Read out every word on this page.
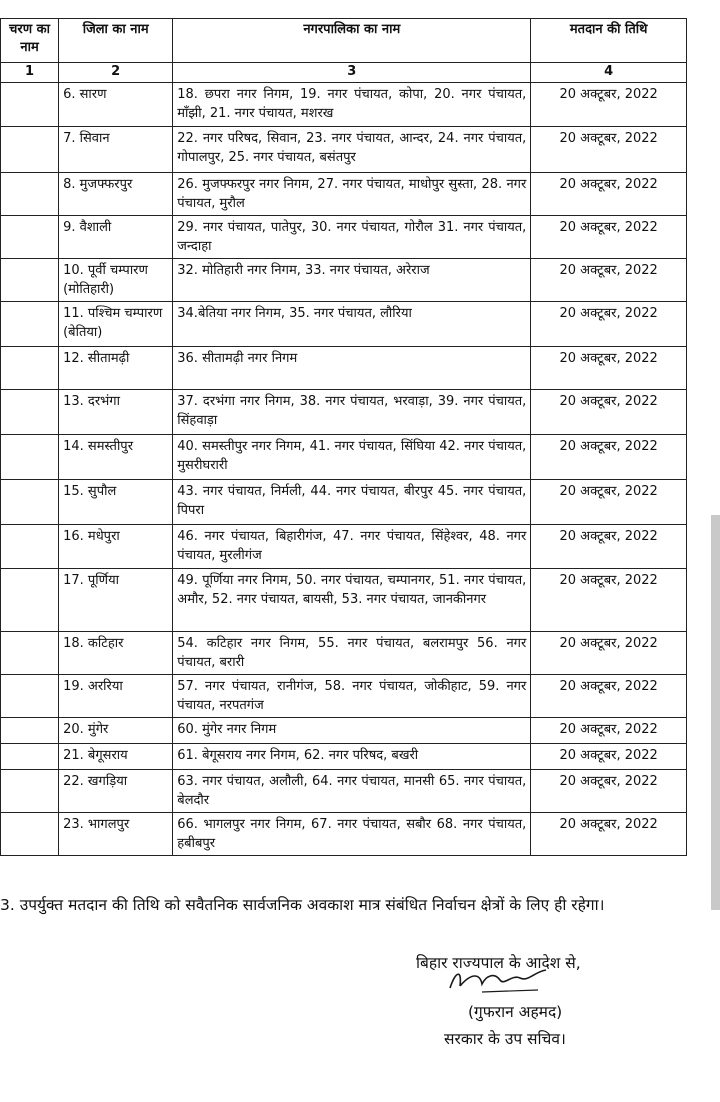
चरण का नाम	जिला का नाम	नगरपालिका का नाम	मतदान की तिथि
1	2	3	4
	6. सारण	18. छपरा नगर निगम, 19. नगर पंचायत, कोपा, 20. नगर पंचायत, माँझी, 21. नगर पंचायत, मशरख	20 अक्टूबर, 2022
	7. सिवान	22. नगर परिषद, सिवान, 23. नगर पंचायत, आन्दर, 24. नगर पंचायत, गोपालपुर, 25. नगर पंचायत, बसंतपुर	20 अक्टूबर, 2022
	8. मुजफ्फरपुर	26. मुजफ्फरपुर नगर निगम, 27. नगर पंचायत, माधोपुर सुस्ता, 28. नगर पंचायत, मुरौल	20 अक्टूबर, 2022
	9. वैशाली	29. नगर पंचायत, पातेपुर, 30. नगर पंचायत, गोरौल 31. नगर पंचायत, जन्दाहा	20 अक्टूबर, 2022
	10. पूर्वी चम्पारण (मोतिहारी)	32. मोतिहारी नगर निगम, 33. नगर पंचायत, अरेराज	20 अक्टूबर, 2022
	11. पश्चिम चम्पारण (बेतिया)	34.बेतिया नगर निगम, 35. नगर पंचायत, लौरिया	20 अक्टूबर, 2022
	12. सीतामढ़ी	36. सीतामढ़ी नगर निगम	20 अक्टूबर, 2022
	13. दरभंगा	37. दरभंगा नगर निगम, 38. नगर पंचायत, भरवाड़ा, 39. नगर पंचायत, सिंहवाड़ा	20 अक्टूबर, 2022
	14. समस्तीपुर	40. समस्तीपुर नगर निगम, 41. नगर पंचायत, सिंघिया 42. नगर पंचायत, मुसरीघरारी	20 अक्टूबर, 2022
	15. सुपौल	43. नगर पंचायत, निर्मली, 44. नगर पंचायत, बीरपुर 45. नगर पंचायत, पिपरा	20 अक्टूबर, 2022
	16. मधेपुरा	46. नगर पंचायत, बिहारीगंज, 47. नगर पंचायत, सिंहेश्वर, 48. नगर पंचायत, मुरलीगंज	20 अक्टूबर, 2022
	17. पूर्णिया	49. पूर्णिया नगर निगम, 50. नगर पंचायत, चम्पानगर, 51. नगर पंचायत, अमौर, 52. नगर पंचायत, बायसी, 53. नगर पंचायत, जानकीनगर	20 अक्टूबर, 2022
	18. कटिहार	54. कटिहार नगर निगम, 55. नगर पंचायत, बलरामपुर 56. नगर पंचायत, बरारी	20 अक्टूबर, 2022
	19. अररिया	57. नगर पंचायत, रानीगंज, 58. नगर पंचायत, जोकीहाट, 59. नगर पंचायत, नरपतगंज	20 अक्टूबर, 2022
	20. मुंगेर	60. मुंगेर नगर निगम	20 अक्टूबर, 2022
	21. बेगूसराय	61. बेगूसराय नगर निगम, 62. नगर परिषद, बखरी	20 अक्टूबर, 2022
	22. खगड़िया	63. नगर पंचायत, अलौली, 64. नगर पंचायत, मानसी 65. नगर पंचायत, बेलदौर	20 अक्टूबर, 2022
	23. भागलपुर	66. भागलपुर नगर निगम, 67. नगर पंचायत, सबौर 68. नगर पंचायत, हबीबपुर	20 अक्टूबर, 2022
3. उपर्युक्त मतदान की तिथि को सवैतनिक सार्वजनिक अवकाश मात्र संबंधित निर्वाचन क्षेत्रों के लिए ही रहेगा।
बिहार राज्यपाल के आदेश से,
(गुफरान अहमद)
सरकार के उप सचिव।
